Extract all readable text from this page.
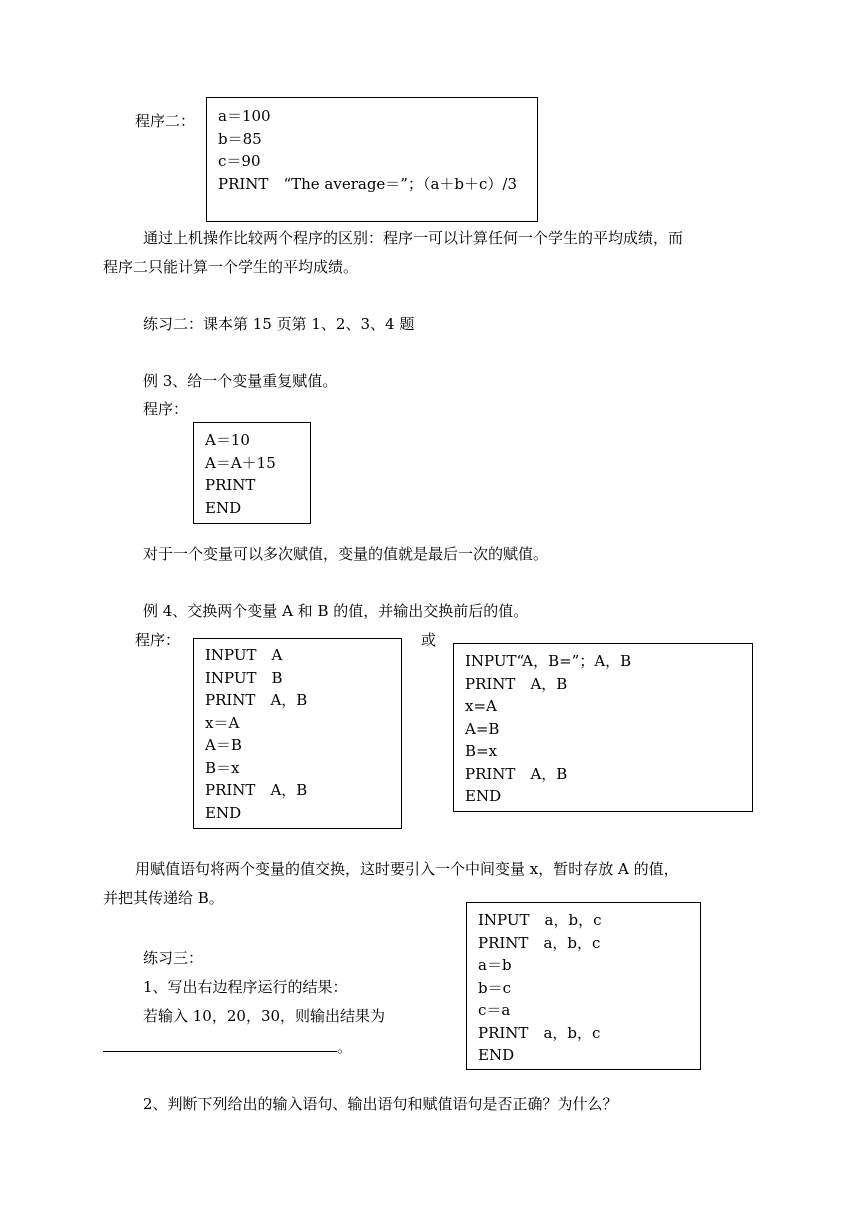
程序二： a＝100
b＝85
c＝90
PRINT　“The average＝”；（a＋b＋c）/3
通过上机操作比较两个程序的区别：程序一可以计算任何一个学生的平均成绩，而
程序二只能计算一个学生的平均成绩。
练习二：课本第 15 页第 1、2、3、4 题
例 3、给一个变量重复赋值。
程序：
A＝10
A＝A＋15
PRINT
END
对于一个变量可以多次赋值，变量的值就是最后一次的赋值。
例 4、交换两个变量 A 和 B 的值，并输出交换前后的值。
程序：	或
INPUT　A
INPUT　B
PRINT　A，B
x＝A
A＝B
B＝x
PRINT　A，B
END
INPUT“A，B=”；A，B
PRINT　A，B
x=A
A=B
B=x
PRINT　A，B
END
用赋值语句将两个变量的值交换，这时要引入一个中间变量 x，暂时存放 A 的值，
并把其传递给 B。
INPUT　a，b，c
PRINT　a，b，c
a＝b
b＝c
c＝a
PRINT　a，b，c
END
练习三：
1、写出右边程序运行的结果：
若输入 10，20，30，则输出结果为
。
2、判断下列给出的输入语句、输出语句和赋值语句是否正确？为什么？
